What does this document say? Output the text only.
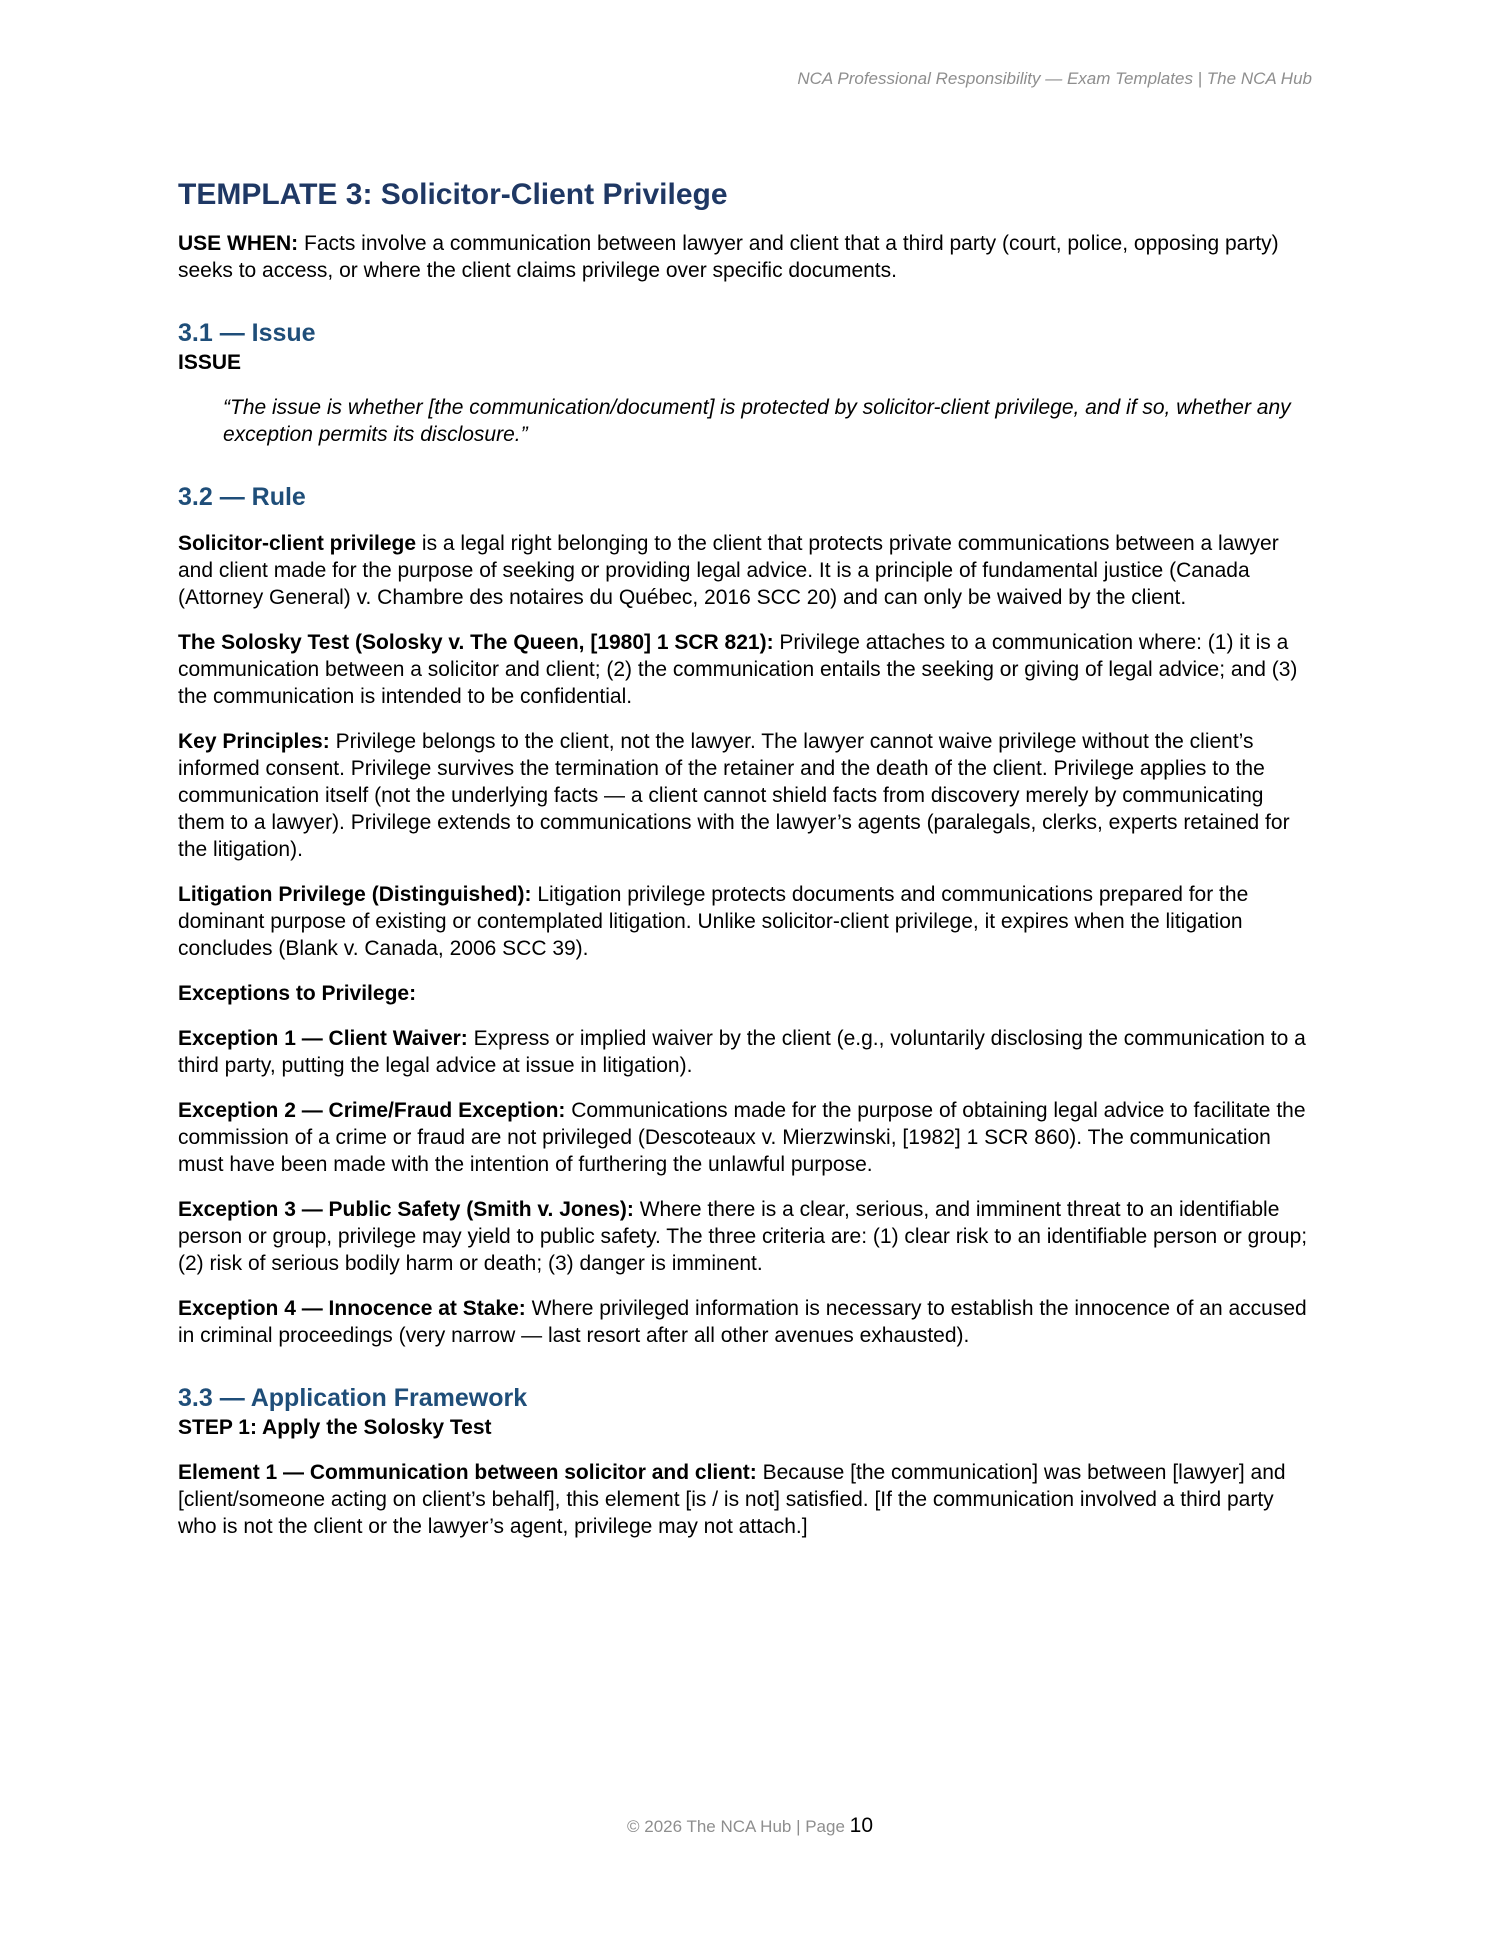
NCA Professional Responsibility — Exam Templates | The NCA Hub
TEMPLATE 3: Solicitor-Client Privilege

USE WHEN: Facts involve a communication between lawyer and client that a third party (court, police, opposing party) seeks to access, or where the client claims privilege over specific documents.

3.1 — Issue
ISSUE

“The issue is whether [the communication/document] is protected by solicitor-client privilege, and if so, whether any exception permits its disclosure.”

3.2 — Rule

Solicitor-client privilege is a legal right belonging to the client that protects private communications between a lawyer and client made for the purpose of seeking or providing legal advice. It is a principle of fundamental justice (Canada (Attorney General) v. Chambre des notaires du Québec, 2016 SCC 20) and can only be waived by the client.

The Solosky Test (Solosky v. The Queen, [1980] 1 SCR 821): Privilege attaches to a communication where: (1) it is a communication between a solicitor and client; (2) the communication entails the seeking or giving of legal advice; and (3) the communication is intended to be confidential.

Key Principles: Privilege belongs to the client, not the lawyer. The lawyer cannot waive privilege without the client’s informed consent. Privilege survives the termination of the retainer and the death of the client. Privilege applies to the communication itself (not the underlying facts — a client cannot shield facts from discovery merely by communicating them to a lawyer). Privilege extends to communications with the lawyer’s agents (paralegals, clerks, experts retained for the litigation).

Litigation Privilege (Distinguished): Litigation privilege protects documents and communications prepared for the dominant purpose of existing or contemplated litigation. Unlike solicitor-client privilege, it expires when the litigation concludes (Blank v. Canada, 2006 SCC 39).

Exceptions to Privilege:

Exception 1 — Client Waiver: Express or implied waiver by the client (e.g., voluntarily disclosing the communication to a third party, putting the legal advice at issue in litigation).

Exception 2 — Crime/Fraud Exception: Communications made for the purpose of obtaining legal advice to facilitate the commission of a crime or fraud are not privileged (Descoteaux v. Mierzwinski, [1982] 1 SCR 860). The communication must have been made with the intention of furthering the unlawful purpose.

Exception 3 — Public Safety (Smith v. Jones): Where there is a clear, serious, and imminent threat to an identifiable person or group, privilege may yield to public safety. The three criteria are: (1) clear risk to an identifiable person or group; (2) risk of serious bodily harm or death; (3) danger is imminent.

Exception 4 — Innocence at Stake: Where privileged information is necessary to establish the innocence of an accused in criminal proceedings (very narrow — last resort after all other avenues exhausted).

3.3 — Application Framework
STEP 1: Apply the Solosky Test

Element 1 — Communication between solicitor and client: Because [the communication] was between [lawyer] and [client/someone acting on client’s behalf], this element [is / is not] satisfied. [If the communication involved a third party who is not the client or the lawyer’s agent, privilege may not attach.]

© 2026 The NCA Hub | Page 10
